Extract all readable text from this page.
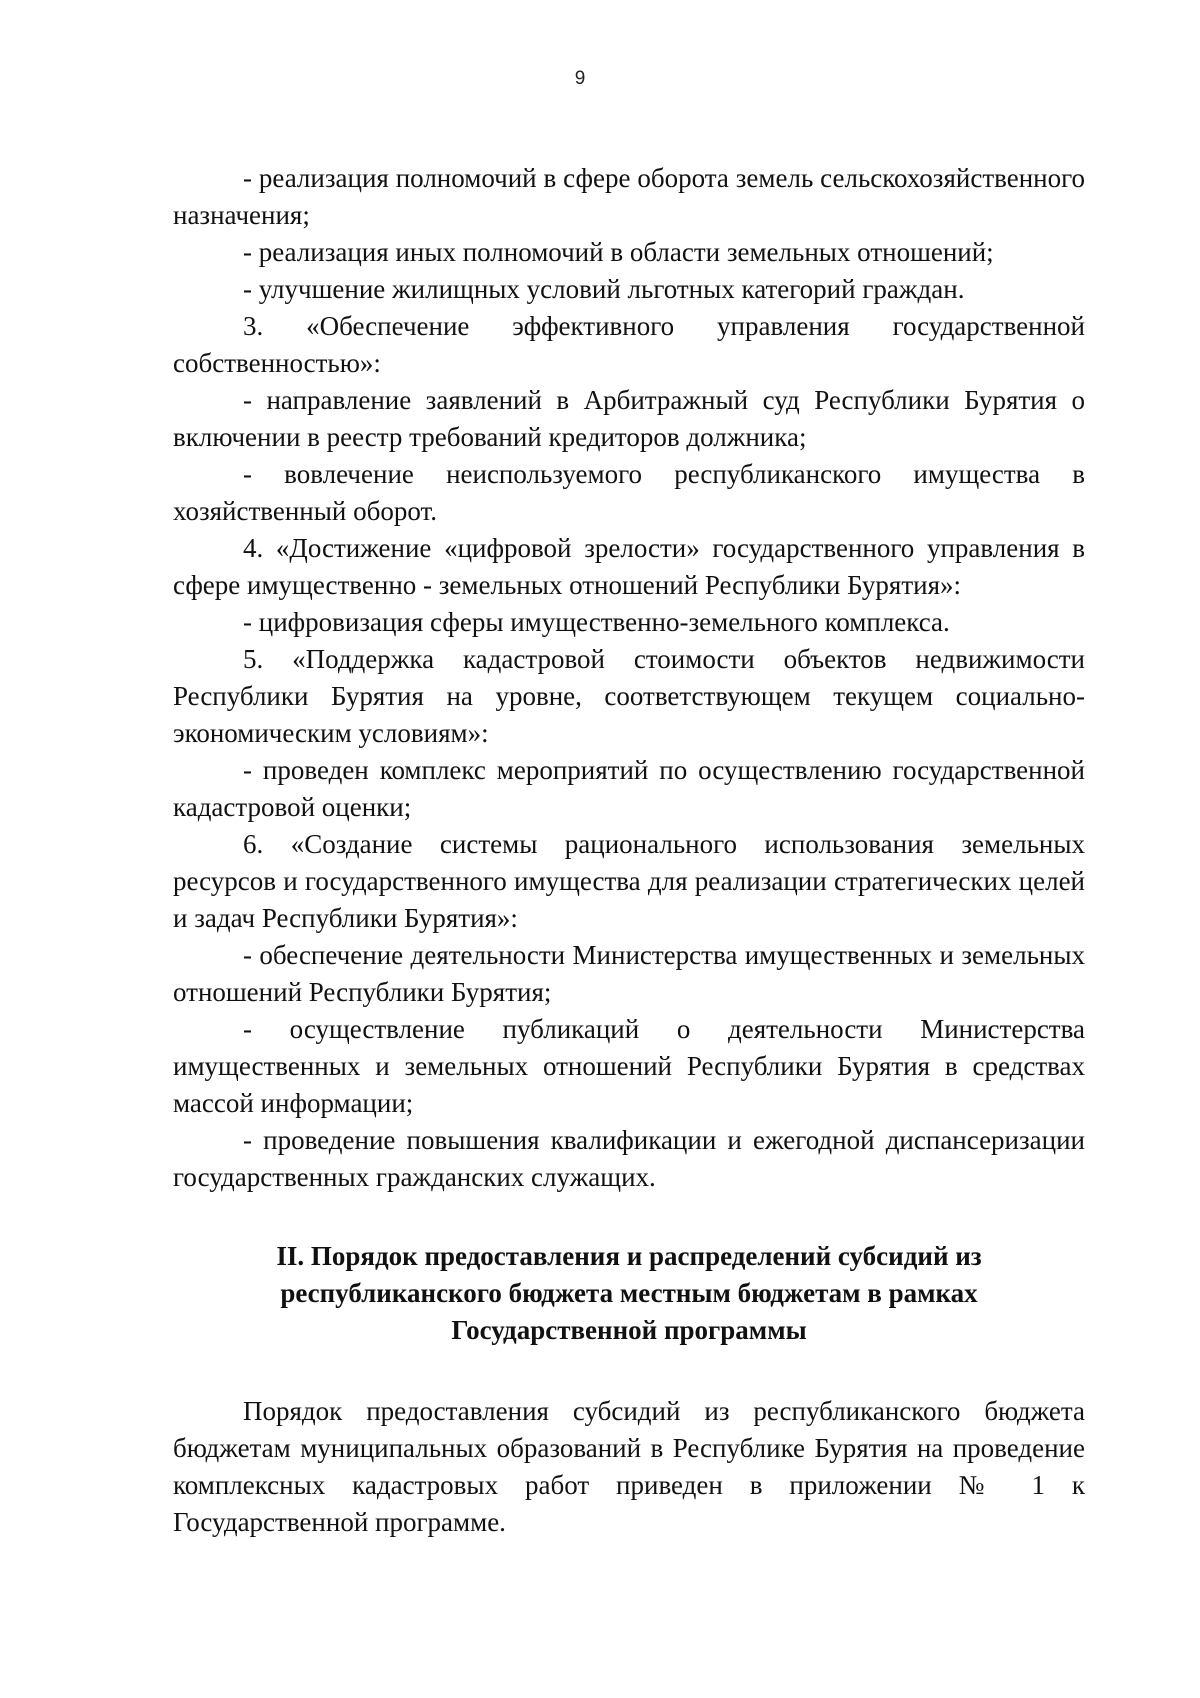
9

- реализация полномочий в сфере оборота земель сельскохозяйственного назначения;

- реализация иных полномочий в области земельных отношений;

- улучшение жилищных условий льготных категорий граждан.

3. «Обеспечение эффективного управления государственной собственностью»:

- направление заявлений в Арбитражный суд Республики Бурятия о включении в реестр требований кредиторов должника;

- вовлечение неиспользуемого республиканского имущества в хозяйственный оборот.

4. «Достижение «цифровой зрелости» государственного управления в сфере имущественно - земельных отношений Республики Бурятия»:

- цифровизация сферы имущественно-земельного комплекса.

5. «Поддержка кадастровой стоимости объектов недвижимости Республики Бурятия на уровне, соответствующем текущем социально-экономическим условиям»:

- проведен комплекс мероприятий по осуществлению государственной кадастровой оценки;

6. «Создание системы рационального использования земельных ресурсов и государственного имущества для реализации стратегических целей и задач Республики Бурятия»:

- обеспечение деятельности Министерства имущественных и земельных отношений Республики Бурятия;

- осуществление публикаций о деятельности Министерства имущественных и земельных отношений Республики Бурятия в средствах массой информации;

- проведение повышения квалификации и ежегодной диспансеризации государственных гражданских служащих.

II. Порядок предоставления и распределений субсидий из республиканского бюджета местным бюджетам в рамках Государственной программы

Порядок предоставления субсидий из республиканского бюджета бюджетам муниципальных образований в Республике Бурятия на проведение комплексных кадастровых работ приведен в приложении № 1 к Государственной программе.
